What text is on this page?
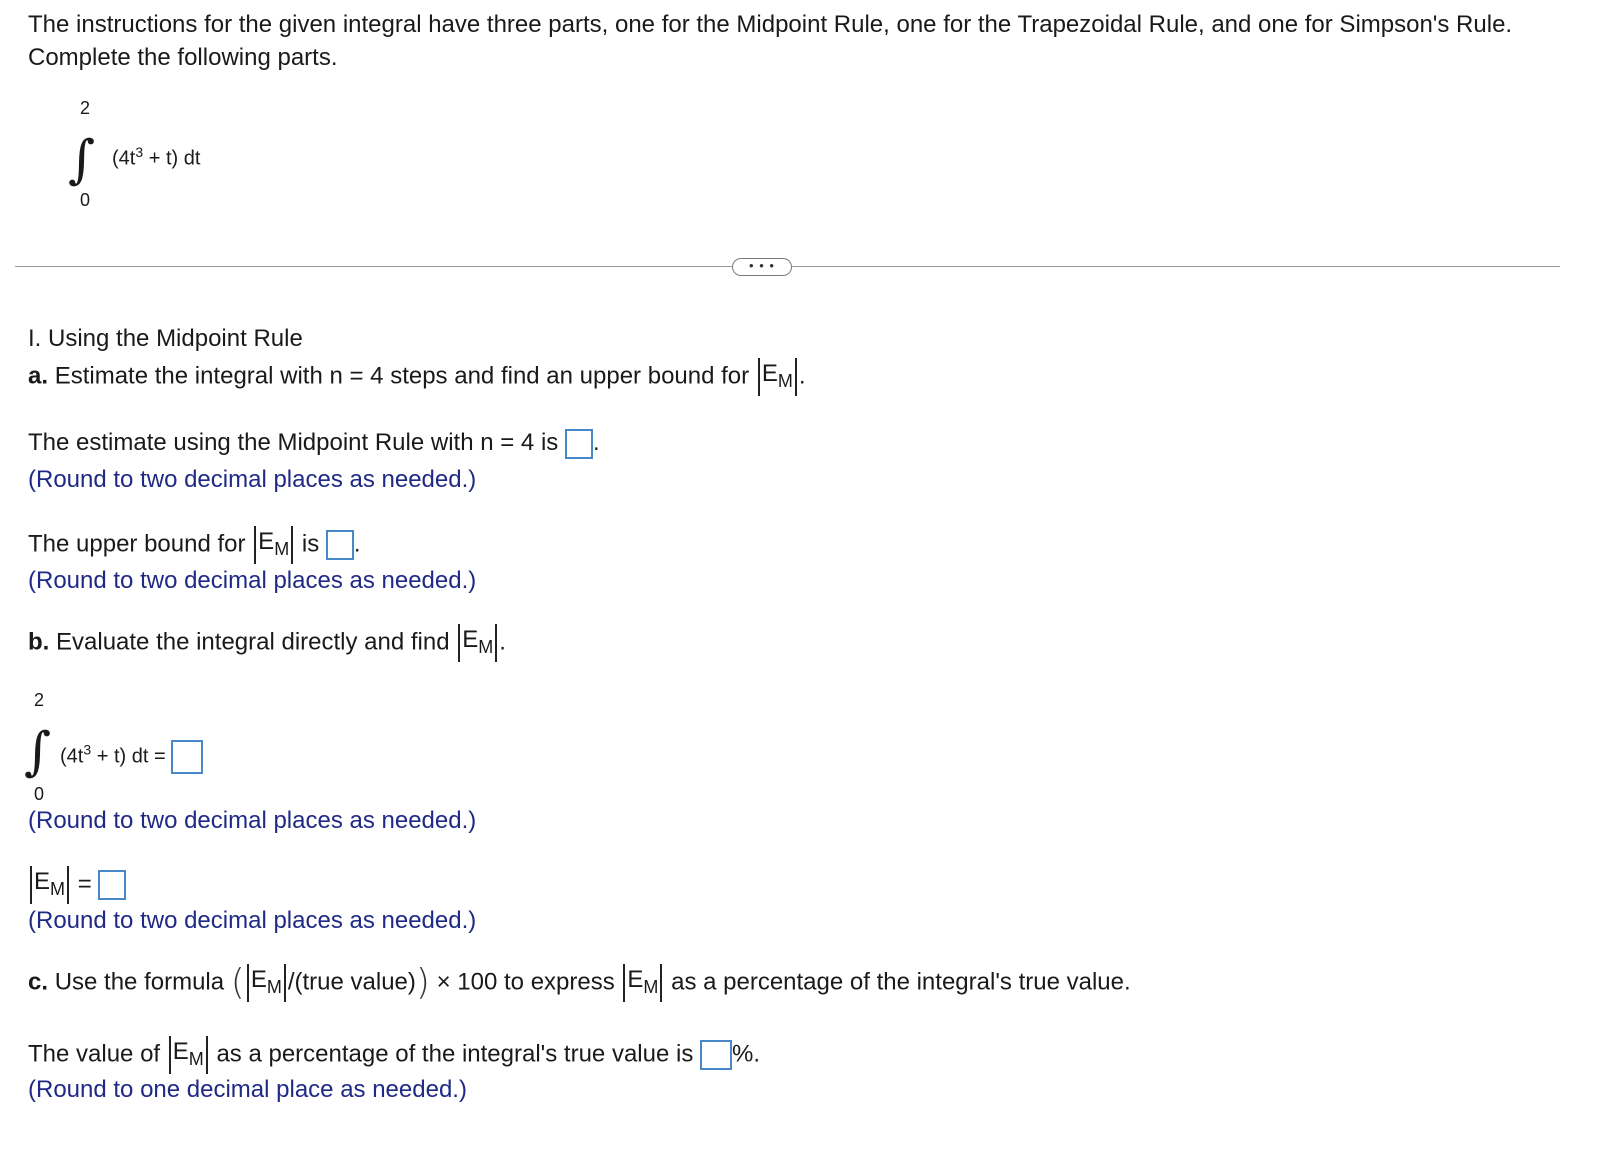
The instructions for the given integral have three parts, one for the Midpoint Rule, one for the Trapezoidal Rule, and one for Simpson's Rule. Complete the following parts.
2
∫
0
$(4t^3 + t)$ dt
• • •
I. Using the Midpoint Rule
a. Estimate the integral with n = 4 steps and find an upper bound for $E_M$ .
The estimate using the Midpoint Rule with n = 4 is .
(Round to two decimal places as needed.)
The upper bound for $E_M$ is .
(Round to two decimal places as needed.)
b. Evaluate the integral directly and find $E_M$ .
2
∫
0
$(4t^3 + t)$ dt =
(Round to two decimal places as needed.)
$E_M$ =
(Round to two decimal places as needed.)
c. Use the formula ( $E_M$ /(true value)) × 100 to express $E_M$ as a percentage of the integral's true value.
The value of $E_M$ as a percentage of the integral's true value is %.
(Round to one decimal place as needed.)
